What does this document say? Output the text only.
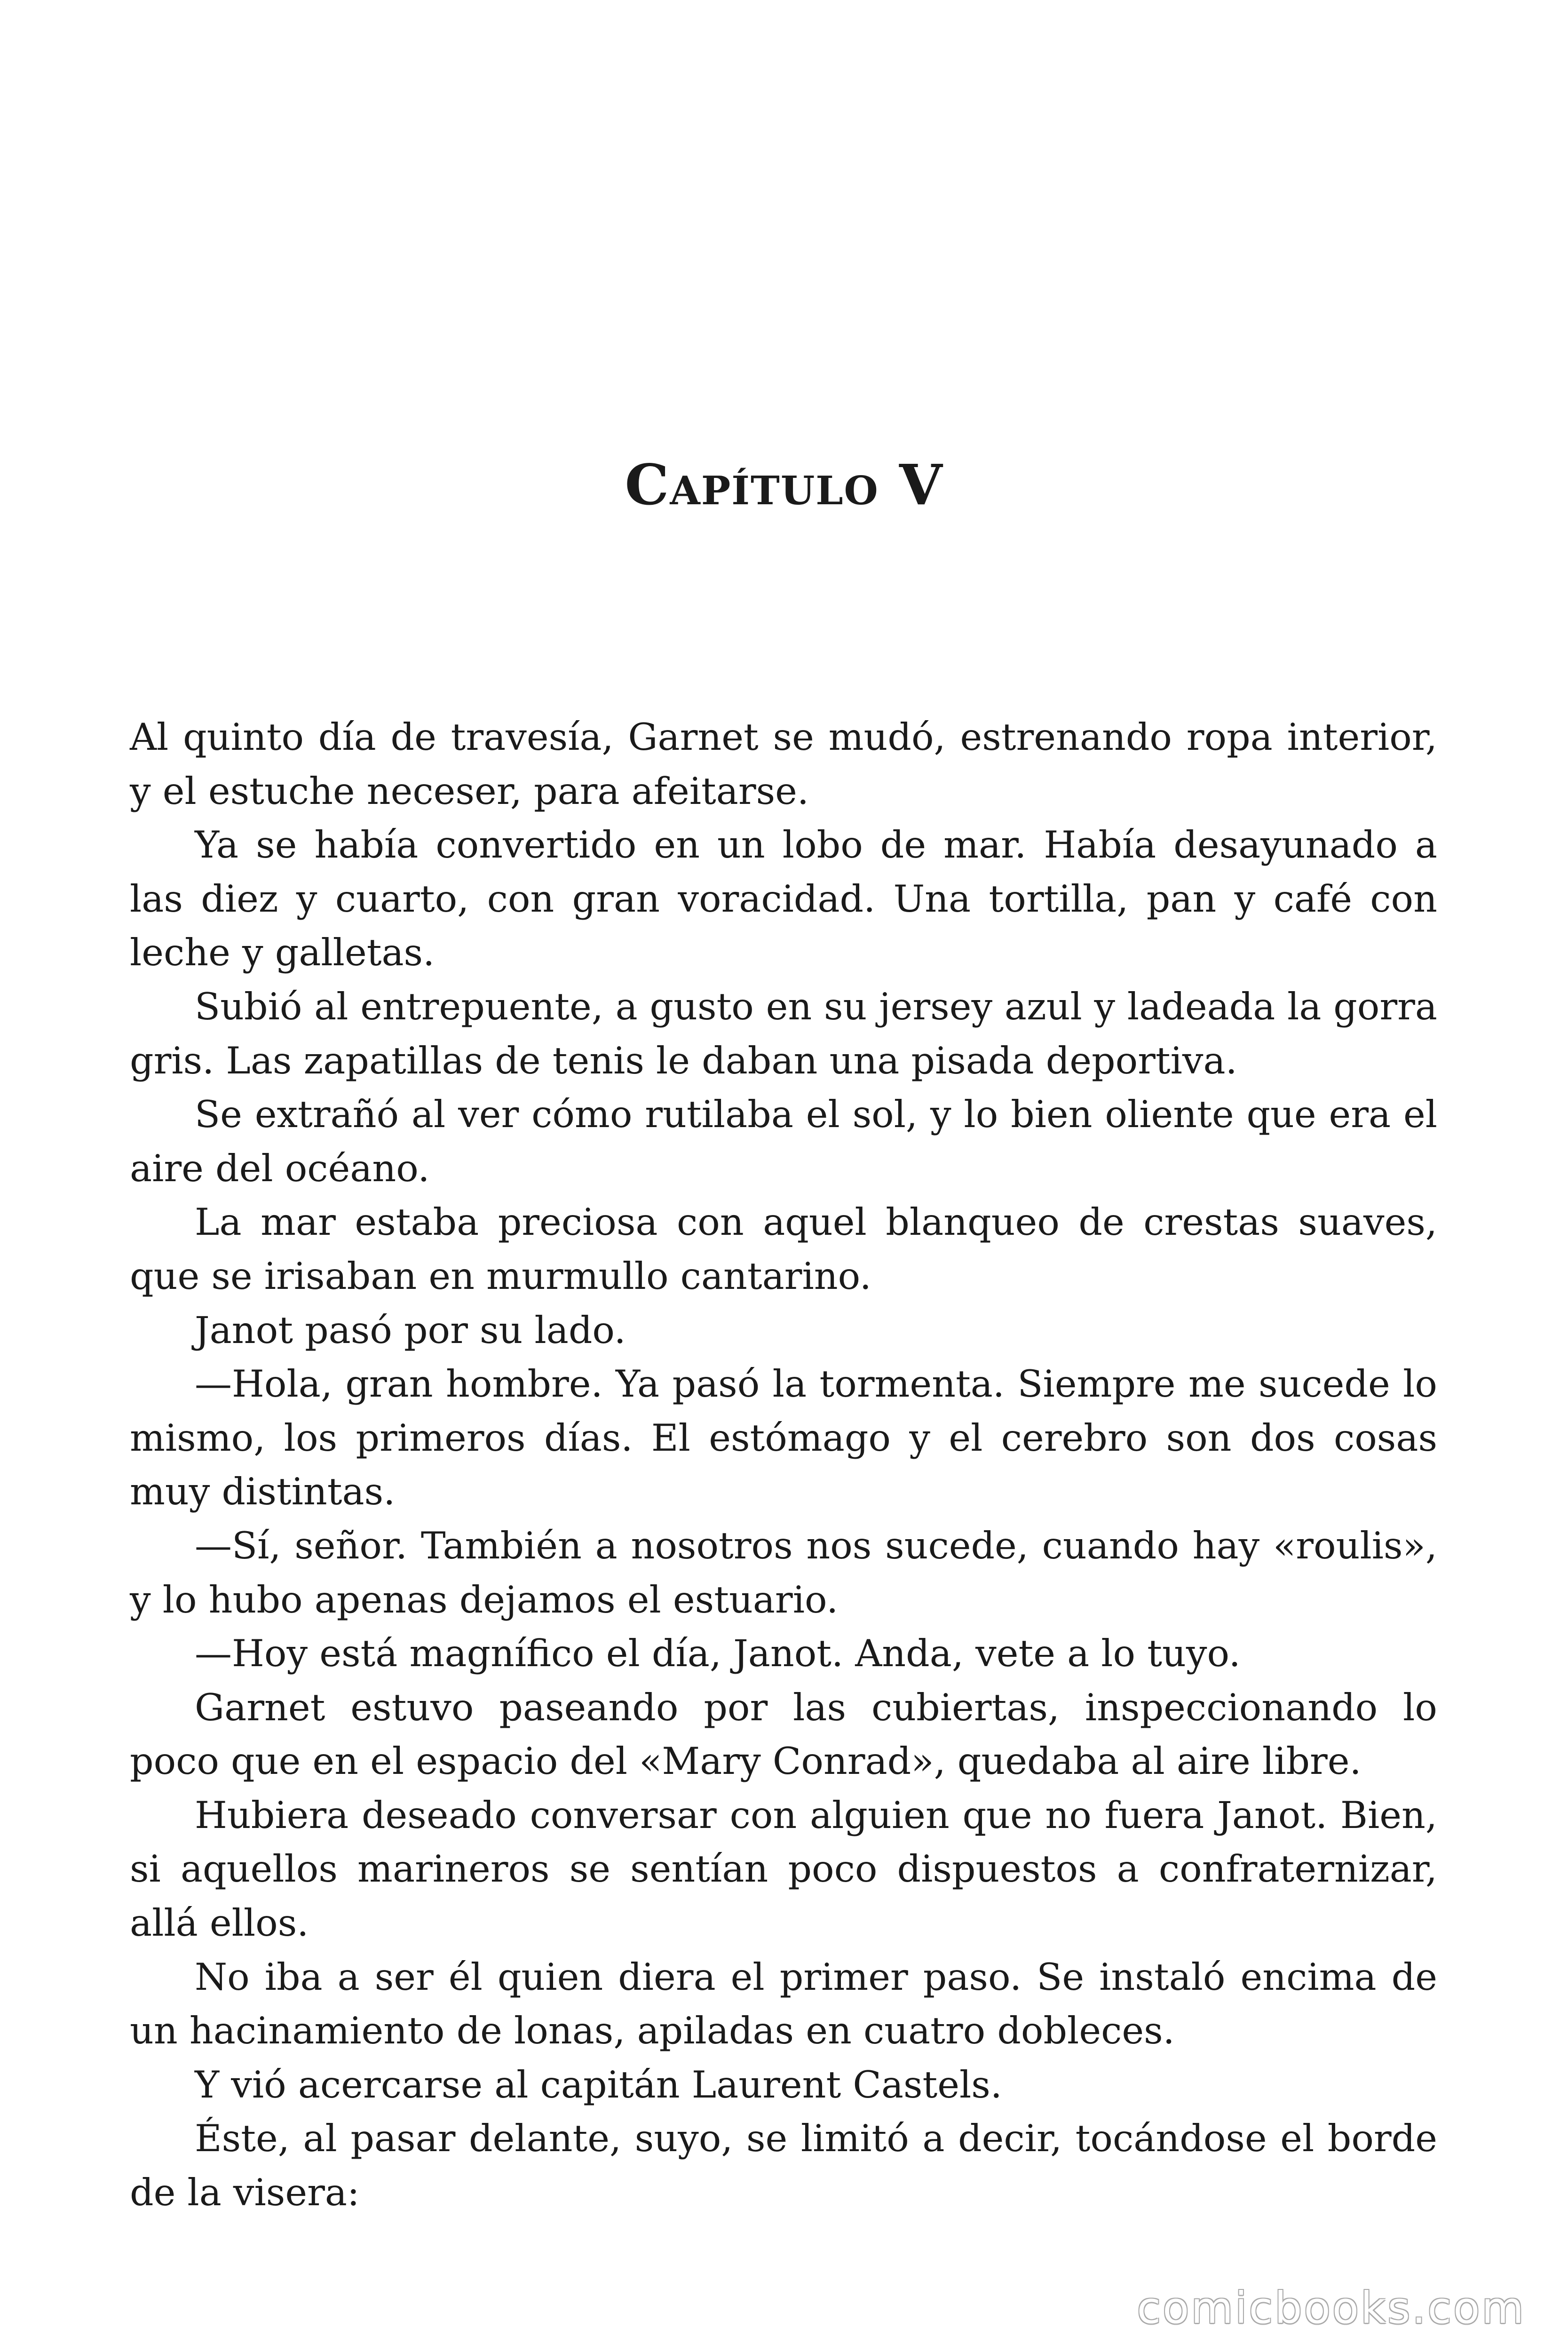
Capítulo V

Al quinto día de travesía, Garnet se mudó, estrenando ropa interior, y el estuche neceser, para afeitarse.

Ya se había convertido en un lobo de mar. Había desayunado a las diez y cuarto, con gran voracidad. Una tortilla, pan y café con leche y galletas.

Subió al entrepuente, a gusto en su jersey azul y ladeada la gorra gris. Las zapatillas de tenis le daban una pisada deportiva.

Se extrañó al ver cómo rutilaba el sol, y lo bien oliente que era el aire del océano.

La mar estaba preciosa con aquel blanqueo de crestas suaves, que se irisaban en murmullo cantarino.

Janot pasó por su lado.

—Hola, gran hombre. Ya pasó la tormenta. Siempre me sucede lo mismo, los primeros días. El estómago y el cerebro son dos cosas muy distintas.

—Sí, señor. También a nosotros nos sucede, cuando hay «roulis», y lo hubo apenas dejamos el estuario.

—Hoy está magnífico el día, Janot. Anda, vete a lo tuyo.

Garnet estuvo paseando por las cubiertas, inspeccionando lo poco que en el espacio del «Mary Conrad», quedaba al aire libre.

Hubiera deseado conversar con alguien que no fuera Janot. Bien, si aquellos marineros se sentían poco dispuestos a confraternizar, allá ellos.

No iba a ser él quien diera el primer paso. Se instaló encima de un hacinamiento de lonas, apiladas en cuatro dobleces.

Y vió acercarse al capitán Laurent Castels.

Éste, al pasar delante, suyo, se limitó a decir, tocándose el borde de la visera:

comicbooks.com
